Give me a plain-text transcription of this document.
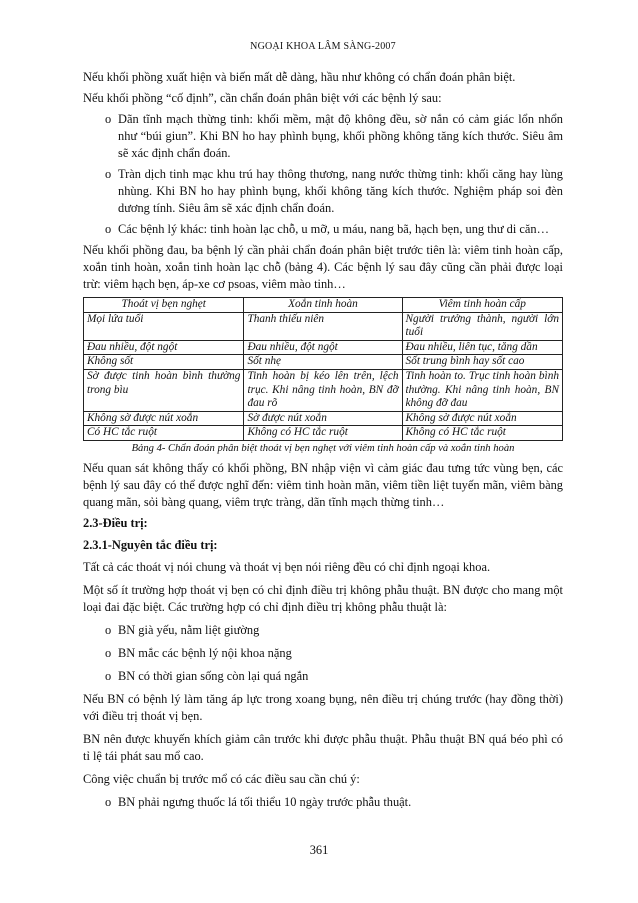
NGOẠI KHOA LÂM SÀNG-2007

Nếu khối phồng xuất hiện và biến mất dễ dàng, hầu như không có chẩn đoán phân biệt.

Nếu khối phồng “cố định”, cần chẩn đoán phân biệt với các bệnh lý sau:

o Dãn tĩnh mạch thừng tinh: khối mềm, mật độ không đều, sờ nắn có cảm giác lổn nhổn như “búi giun”. Khi BN ho hay phình bụng, khối phồng không tăng kích thước. Siêu âm sẽ xác định chẩn đoán.
o Tràn dịch tinh mạc khu trú hay thông thương, nang nước thừng tinh: khối căng hay lùng nhùng. Khi BN ho hay phình bụng, khối không tăng kích thước. Nghiệm pháp soi đèn dương tính. Siêu âm sẽ xác định chẩn đoán.
o Các bệnh lý khác: tinh hoàn lạc chỗ, u mỡ, u máu, nang bã, hạch bẹn, ung thư di căn…

Nếu khối phồng đau, ba bệnh lý cần phải chẩn đoán phân biệt trước tiên là: viêm tinh hoàn cấp, xoắn tinh hoàn, xoắn tinh hoàn lạc chỗ (bảng 4). Các bệnh lý sau đây cũng cần phải được loại trừ: viêm hạch bẹn, áp-xe cơ psoas, viêm mào tinh…

Thoát vị bẹn nghẹt	Xoắn tinh hoàn	Viêm tinh hoàn cấp
Mọi lứa tuổi	Thanh thiếu niên	Người trưởng thành, người lớn tuổi
Đau nhiều, đột ngột	Đau nhiều, đột ngột	Đau nhiều, liên tục, tăng dần
Không sốt	Sốt nhẹ	Sốt trung bình hay sốt cao
Sờ được tinh hoàn bình thường trong bìu	Tinh hoàn bị kéo lên trên, lệch trục. Khi nâng tinh hoàn, BN đỡ đau rõ	Tinh hoàn to. Trục tinh hoàn bình thường. Khi nâng tinh hoàn, BN không đỡ đau
Không sờ được nút xoắn	Sờ được nút xoắn	Không sờ được nút xoắn
Có HC tắc ruột	Không có HC tắc ruột	Không có HC tắc ruột
Bảng 4- Chẩn đoán phân biệt thoát vị bẹn nghẹt với viêm tinh hoàn cấp và xoắn tinh hoàn

Nếu quan sát không thấy có khối phồng, BN nhập viện vì cảm giác đau tưng tức vùng bẹn, các bệnh lý sau đây có thể được nghĩ đến: viêm tinh hoàn mãn, viêm tiền liệt tuyến mãn, viêm bàng quang mãn, sỏi bàng quang, viêm trực tràng, dãn tĩnh mạch thừng tinh…

2.3-Điều trị:
2.3.1-Nguyên tắc điều trị:

Tất cả các thoát vị nói chung và thoát vị bẹn nói riêng đều có chỉ định ngoại khoa.

Một số ít trường hợp thoát vị bẹn có chỉ định điều trị không phẫu thuật. BN được cho mang một loại đai đặc biệt. Các trường hợp có chỉ định điều trị không phẫu thuật là:

o BN già yếu, nằm liệt giường
o BN mắc các bệnh lý nội khoa nặng
o BN có thời gian sống còn lại quá ngắn

Nếu BN có bệnh lý làm tăng áp lực trong xoang bụng, nên điều trị chúng trước (hay đồng thời) với điều trị thoát vị bẹn.

BN nên được khuyến khích giảm cân trước khi được phẫu thuật. Phẫu thuật BN quá béo phì có tỉ lệ tái phát sau mổ cao.

Công việc chuẩn bị trước mổ có các điều sau cần chú ý:

o BN phải ngưng thuốc lá tối thiểu 10 ngày trước phẫu thuật.
361
